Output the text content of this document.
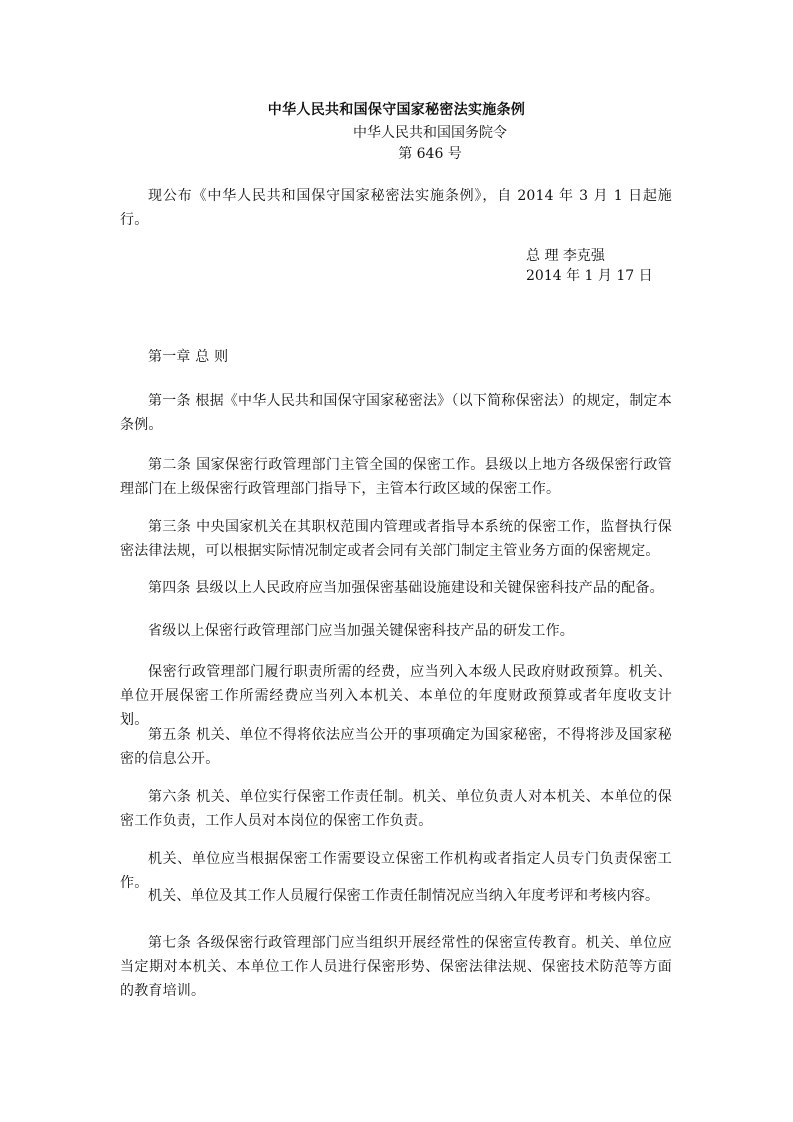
中华人民共和国保守国家秘密法实施条例
中华人民共和国国务院令
第 646 号
现公布《中华人民共和国保守国家秘密法实施条例》，自 2014 年 3 月 1 日起施行。
总 理 李克强
2014 年 1 月 17 日
第一章 总 则
第一条 根据《中华人民共和国保守国家秘密法》（以下简称保密法）的规定，制定本条例。
第二条 国家保密行政管理部门主管全国的保密工作。县级以上地方各级保密行政管理部门在上级保密行政管理部门指导下，主管本行政区域的保密工作。
第三条 中央国家机关在其职权范围内管理或者指导本系统的保密工作，监督执行保密法律法规，可以根据实际情况制定或者会同有关部门制定主管业务方面的保密规定。
第四条 县级以上人民政府应当加强保密基础设施建设和关键保密科技产品的配备。
省级以上保密行政管理部门应当加强关键保密科技产品的研发工作。
保密行政管理部门履行职责所需的经费，应当列入本级人民政府财政预算。机关、单位开展保密工作所需经费应当列入本机关、本单位的年度财政预算或者年度收支计划。
第五条 机关、单位不得将依法应当公开的事项确定为国家秘密，不得将涉及国家秘密的信息公开。
第六条 机关、单位实行保密工作责任制。机关、单位负责人对本机关、本单位的保密工作负责，工作人员对本岗位的保密工作负责。
机关、单位应当根据保密工作需要设立保密工作机构或者指定人员专门负责保密工作。
机关、单位及其工作人员履行保密工作责任制情况应当纳入年度考评和考核内容。
第七条 各级保密行政管理部门应当组织开展经常性的保密宣传教育。机关、单位应当定期对本机关、本单位工作人员进行保密形势、保密法律法规、保密技术防范等方面的教育培训。
